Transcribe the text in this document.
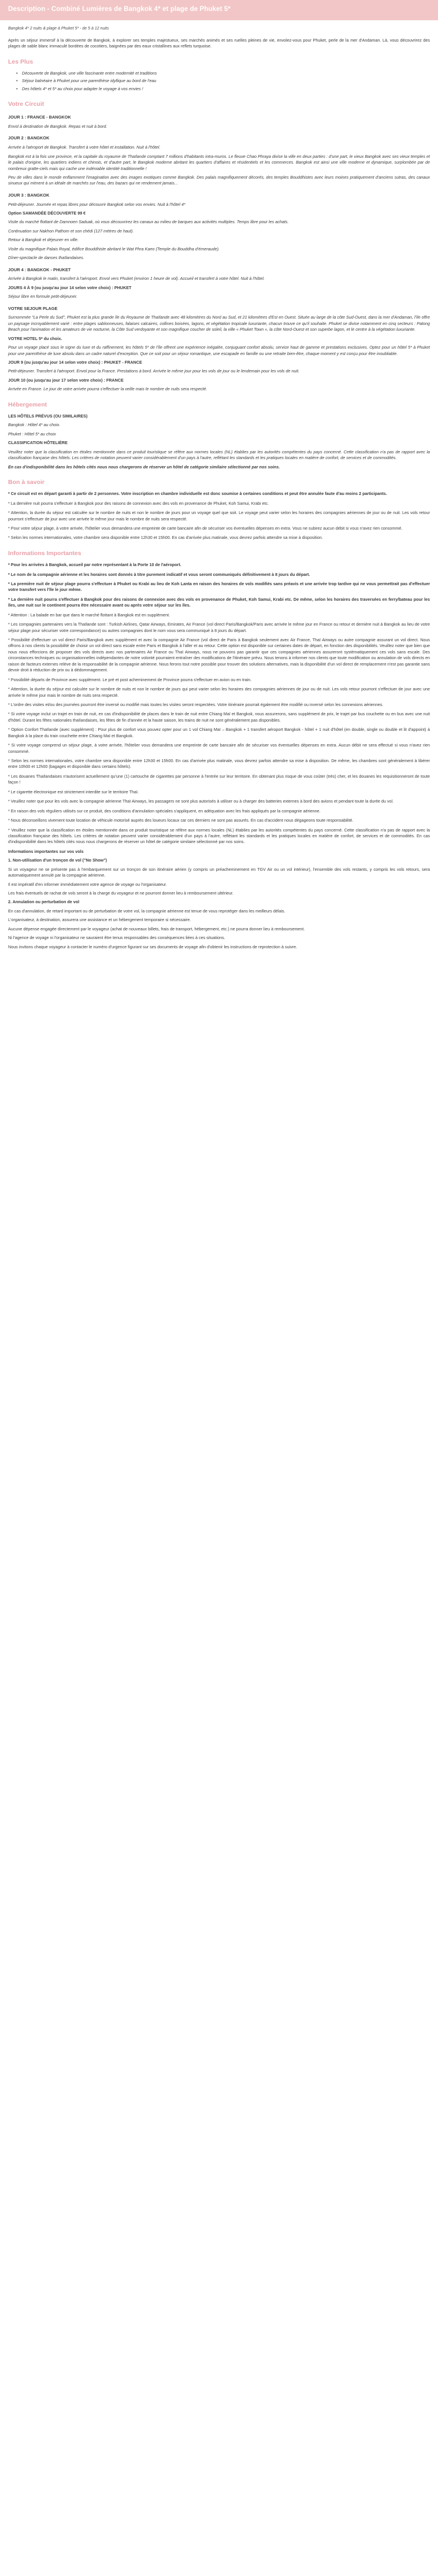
Description - Combiné Lumières de Bangkok 4* et plage de Phuket 5*

Bangkok 4* 2 nuits & plage à Phuket 5* - de 5 à 12 nuits

Après un séjour immersif à la découverte de Bangkok, à explorer ses temples majestueux, ses marchés animés et ses ruelles pleines de vie, envolez-vous pour Phuket, perle de la mer d'Andaman. Là, vous découvrirez des plages de sable blanc immaculé bordées de cocotiers, baignées par des eaux cristallines aux reflets turquoise.

Les Plus
• Découverte de Bangkok, une ville fascinante entre modernité et traditions
• Séjour balnéaire à Phuket pour une parenthèse idyllique au bord de l'eau
• Des hôtels 4* et 5* au choix pour adapter le voyage à vos envies !
Votre Circuit

JOUR 1 : FRANCE - BANGKOK

Envol à destination de Bangkok. Repas et nuit à bord.

JOUR 2 : BANGKOK

Arrivée à l'aéroport de Bangkok. Transfert à votre hôtel et installation. Nuit à l'hôtel.

Bangkok est à la fois une province, et la capitale du royaume de Thaïlande comptant 7 millions d'habitants intra-muros. Le fleuve Chao Phraya divise la ville en deux parties : d'une part, le vieux Bangkok avec ses vieux temples et le palais d'origine, les quartiers indiens et chinois, et d'autre part, le Bangkok moderne abritant les quartiers d'affaires et résidentiels et les commerces. Bangkok est ainsi une ville moderne et dynamique, surplombée par de nombreux gratte-ciels mais qui cache une indéniable identité traditionnelle !

Peu de villes dans le monde enflamment l'imagination avec des images exotiques comme Bangkok. Des palais magnifiquement décorés, des temples Bouddhistes avec leurs moines pratiquement d'anciens sutras, des canaux sinueux qui mènent à un idéale de marchés sur l'eau, des bazars qui ne rendement jamais...

JOUR 3 : BANGKOK

Petit-déjeuner. Journée et repas libres pour découvrir Bangkok selon vos envies. Nuit à l'hôtel 4*

Option SAMANDÉE DÉCOUVERTE 99 €

Visite du marché flottant de Damnoen Saduak, où vous découvrirez les canaux au milieu de barques aux activités multiples. Temps libre pour les achats.

Continuation sur Nakhon Pathom et son chédi (127 mètres de haut).

Retour à Bangkok et déjeuner en ville.

Visite du magnifique Palais Royal, édifice Bouddhiste abritant le Wat Phra Kaeo (Temple du Bouddha d'émeraude).

Dîner-spectacle de danses thaïlandaises.

JOUR 4 : BANGKOK - PHUKET

Arrivée à Bangkok le matin, transfert à l'aéroport. Envol vers Phuket (environ 1 heure de vol). Accueil et transfert à votre hôtel. Nuit à l'hôtel.

JOURS 4 À 9 (ou jusqu'au jour 14 selon votre choix) : PHUKET

Séjour libre en formule petit-déjeuner.

VOTRE SEJOUR PLAGE

Surnommée "La Perle du Sud", Phuket est la plus grande île du Royaume de Thaïlande avec 48 kilomètres du Nord au Sud, et 21 kilomètres d'Est en Ouest. Située au large de la côte Sud-Ouest, dans la mer d'Andaman, l'île offre un paysage incroyablement varié : entre plages sablonneuses, falaises calcaires, collines boisées, lagons, et végétation tropicale luxuriante, chacun trouve ce qu'il souhaite. Phuket se divise notamment en cinq secteurs : Patong Beach pour l'animation et les amateurs de vie nocturne, la Côte Sud verdoyante et son magnifique coucher de soleil, la ville « Phuket Town », la côte Nord-Ouest et son superbe lagon, et le centre à la végétation luxuriante.

VOTRE HOTEL 5* du choix.

Pour un voyage placé sous le signe du luxe et du raffinement, les hôtels 5* de l'île offrent une expérience inégalée, conjuguant confort absolu, service haut de gamme et prestations exclusives. Optez pour un hôtel 5* à Phuket pour une parenthèse de luxe absolu dans un cadre naturel d'exception. Que ce soit pour un séjour romantique, une escapade en famille ou une retraite bien-être, chaque moment y est conçu pour être inoubliable.

JOUR 9 (ou jusqu'au jour 14 selon votre choix) : PHUKET - FRANCE

Petit-déjeuner. Transfert à l'aéroport. Envol pour la France. Prestations à bord. Arrivée le même jour pour les vols de jour ou le lendemain pour les vols de nuit.

JOUR 10 (ou jusqu'au jour 17 selon votre choix) : FRANCE

Arrivée en France. Le jour de votre arrivée pourra s'effectuer la veille mais le nombre de nuits sera respecté.

Hébergement

LES HÔTELS PRÉVUS (OU SIMILAIRES)

Bangkok : Hôtel 4* au choix.

Phuket : Hôtel 5* au choix

CLASSIFICATION HÔTELIÈRE

Veuillez noter que la classification en étoiles mentionnée dans ce produit touristique se réfère aux normes locales (NL) établies par les autorités compétentes du pays concerné. Cette classification n'a pas de rapport avec la classification française des hôtels. Les critères de notation peuvent varier considérablement d'un pays à l'autre, reflétant les standards et les pratiques locales en matière de confort, de services et de commodités.

En cas d'indisponibilité dans les hôtels cités nous nous chargerons de réserver un hôtel de catégorie similaire sélectionné par nos soins.

Bon à savoir

* Ce circuit est en départ garanti à partir de 2 personnes. Votre inscription en chambre individuelle est donc soumise à certaines conditions et peut être annulée faute d'au moins 2 participants.

* La dernière nuit pourra s'effectuer à Bangkok pour des raisons de connexion avec des vols en provenance de Phuket, Koh Samui, Krabi etc.

* Attention, la durée du séjour est calculée sur le nombre de nuits et non le nombre de jours pour un voyage quel que soit. Le voyage peut varier selon les horaires des compagnies aériennes de jour ou de nuit. Les vols retour pourront s'effectuer de jour avec une arrivée le même jour mais le nombre de nuits sera respecté.

* Pour votre séjour plage, à votre arrivée, l'hôtelier vous demandera une empreinte de carte bancaire afin de sécuriser vos éventuelles dépenses en extra. Vous ne subirez aucun débit si vous n'avez rien consommé.

* Selon les normes internationales, votre chambre sera disponible entre 12h30 et 15h00. En cas d'arrivée plus matinale, vous devrez parfois attendre sa mise à disposition.

Informations Importantes

* Pour les arrivées à Bangkok, accueil par notre représentant à la Porte 10 de l'aéroport.

* Le nom de la compagnie aérienne et les horaires sont donnés à titre purement indicatif et vous seront communiqués définitivement à 8 jours du départ.

* La première nuit de séjour plage pourra s'effectuer à Phuket ou Krabi au lieu de Koh Lanta en raison des horaires de vols modifiés sans préavis et une arrivée trop tardive qui ne vous permettrait pas d'effectuer votre transfert vers l'île le jour même.

* La dernière nuit pourra s'effectuer à Bangkok pour des raisons de connexion avec des vols en provenance de Phuket, Koh Samui, Krabi etc. De même, selon les horaires des traversées en ferry/bateau pour les îles, une nuit sur le continent pourra être nécessaire avant ou après votre séjour sur les îles.

* Attention : La balade en bar que dans le marché flottant à Bangkok est en supplément.

* Les compagnies partenaires vers la Thaïlande sont : Turkish Airlines, Qatar Airways, Emirates, Air France (vol direct Paris/Bangkok/Paris avec arrivée le même jour en France ou retour et dernière nuit à Bangkok au lieu de votre séjour plage pour sécuriser votre correspondance) ou autres compagnies dont le nom vous sera communiqué à 8 jours du départ.

* Possibilité d'effectuer un vol direct Paris/Bangkok avec supplément et avec la compagnie Air France (vol direct de Paris à Bangkok seulement avec Air France, Thaï Airways ou autre compagnie assurant un vol direct. Nous offrons à nos clients la possibilité de choisir un vol direct sans escale entre Paris et Bangkok à l'aller et au retour. Cette option est disponible sur certaines dates de départ, en fonction des disponibilités. Veuillez noter que bien que nous nous efforcions de proposer des vols directs avec nos partenaires Air France ou Thaï Airways, nous ne pouvons pas garantir que ces compagnies aériennes assureront systématiquement ces vols sans escale. Des circonstances techniques ou organisationnelles indépendantes de notre volonté pourraient entraîner des modifications de l'itinéraire prévu. Nous tenons à informer nos clients que toute modification ou annulation de vols directs en raison de facteurs externes relève de la responsabilité de la compagnie aérienne. Nous ferons tout notre possible pour trouver des solutions alternatives, mais la disponibilité d'un vol direct de remplacement n'est pas garantie sans devoir droit à réduction de prix ou à dédommagement.

* Possibilité départs de Province avec supplément. Le pré et post acheminement de Province pourra s'effectuer en avion ou en train.

* Attention, la durée du séjour est calculée sur le nombre de nuits et non le nombre de jours qui peut varier selon les horaires des compagnies aériennes de jour ou de nuit. Les vols retour pourront s'effectuer de jour avec une arrivée le même jour mais le nombre de nuits sera respecté.

* L'ordre des visites et/ou des journées pourront être inversé ou modifié mais toutes les visites seront respectées. Votre itinéraire pourrait également être modifié ou inversé selon les connexions aériennes.

* Si votre voyage inclut un trajet en train de nuit, en cas d'indisponibilité de places dans le train de nuit entre Chiang Maï et Bangkok, nous assurerons, sans supplément de prix, le trajet par bus couchette ou en bus avec une nuit d'hôtel. Durant les fêtes nationales thaïlandaises, les fêtes de fin d'année et la haute saison, les trains de nuit ne sont généralement pas disponibles.

* Option Confort Thaïlande (avec supplément) : Pour plus de confort vous pouvez opter pour un 1 vol Chiang Maï – Bangkok + 1 transfert aéroport Bangkok - hôtel + 1 nuit d'hôtel (en double, single ou double et lit d'appoint) à Bangkok à la place du train couchette entre Chiang Maï et Bangkok.

* Si votre voyage comprend un séjour plage, à votre arrivée, l'hôtelier vous demandera une empreinte de carte bancaire afin de sécuriser vos éventuelles dépenses en extra. Aucun débit ne sera effectué si vous n'avez rien consommé.

* Selon les normes internationales, votre chambre sera disponible entre 12h30 et 15h00. En cas d'arrivée plus matinale, vous devrez parfois attendre sa mise à disposition. De même, les chambres sont généralement à libérer entre 10h00 et 12h00 (bagages et disponible dans certains hôtels).

* Les douanes Thaïlandaises n'autorisent actuellement qu'une (1) cartouche de cigarettes par personne à l'entrée sur leur territoire. En obtenant plus risque de vous coûter (très) cher, et les douanes les requisitionneront de toute façon !

* Le cigarette électronique est strictement interdite sur le territoire Thaï.

* Veuillez noter que pour les vols avec la compagnie aérienne Thaï Airways, les passagers ne sont plus autorisés à utiliser ou à charger des batteries externes à bord des avions et pendant toute la durée du vol.

* En raison des vols réguliers utilisés sur ce produit, des conditions d'annulation spéciales s'appliquent, en adéquation avec les frais appliqués par la compagnie aérienne.

* Nous déconseillons vivement toute location de véhicule motorisé auprès des loueurs locaux car ces derniers ne sont pas assurés. En cas d'accident nous dégageons toute responsabilité.

* Veuillez noter que la classification en étoiles mentionnée dans ce produit touristique se réfère aux normes locales (NL) établies par les autorités compétentes du pays concerné. Cette classification n'a pas de rapport avec la classification française des hôtels. Les critères de notation peuvent varier considérablement d'un pays à l'autre, reflétant les standards et les pratiques locales en matière de confort, de services et de commodités. En cas d'indisponibilité dans les hôtels cités nous nous chargerons de réserver un hôtel de catégorie similaire sélectionné par nos soins.

Informations importantes sur vos vols

1. Non-utilisation d'un tronçon de vol ("No Show")

Si un voyageur ne se présente pas à l'embarquement sur un tronçon de son itinéraire aérien (y compris un préacheminement en TGV Air ou un vol intérieur), l'ensemble des vols restants, y compris les vols retours, sera automatiquement annulé par la compagnie aérienne.

Il est impératif d'en informer immédiatement votre agence de voyage ou l'organisateur.

Les frais éventuels de rachat de vols seront à la charge du voyageur et ne pourront donner lieu à remboursement ultérieur.

2. Annulation ou perturbation de vol

En cas d'annulation, de retard important ou de perturbation de votre vol, la compagnie aérienne est tenue de vous reprotéger dans les meilleurs délais.

L'organisateur, à destination, assurera une assistance et un hébergement temporaire si nécessaire.

Aucune dépense engagée directement par le voyageur (achat de nouveaux billets, frais de transport, hébergement, etc.) ne pourra donner lieu à remboursement.

Ni l'agence de voyage ni l'organisateur ne sauraient être tenus responsables des conséquences liées à ces situations.

Nous invitons chaque voyageur à contacter le numéro d'urgence figurant sur ses documents de voyage afin d'obtenir les instructions de reprotection à suivre.
